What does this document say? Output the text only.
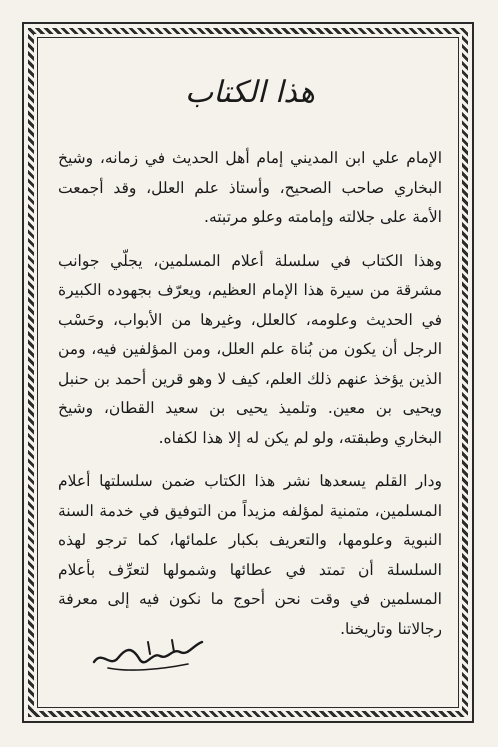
هذا الكتاب

الإمام علي ابن المديني إمام أهل الحديث في زمانه، وشيخ البخاري صاحب الصحيح، وأستاذ علم العلل، وقد أجمعت الأمة على جلالته وإمامته وعلو مرتبته.

وهذا الكتاب في سلسلة أعلام المسلمين، يجلّي جوانب مشرقة من سيرة هذا الإمام العظيم، ويعرّف بجهوده الكبيرة في الحديث وعلومه، كالعلل، وغيرها من الأبواب، وحَسْب الرجل أن يكون من بُناة علم العلل، ومن المؤلفين فيه، ومن الذين يؤخذ عنهم ذلك العلم، كيف لا وهو قرين أحمد بن حنبل ويحيى بن معين. وتلميذ يحيى بن سعيد القطان، وشيخ البخاري وطبقته، ولو لم يكن له إلا هذا لكفاه.

ودار القلم يسعدها نشر هذا الكتاب ضمن سلسلتها أعلام المسلمين، متمنية لمؤلفه مزيداً من التوفيق في خدمة السنة النبوية وعلومها، والتعريف بكبار علمائها، كما ترجو لهذه السلسلة أن تمتد في عطائها وشمولها لتعرِّف بأعلام المسلمين في وقت نحن أحوج ما نكون فيه إلى معرفة رجالاتنا وتاريخنا.
